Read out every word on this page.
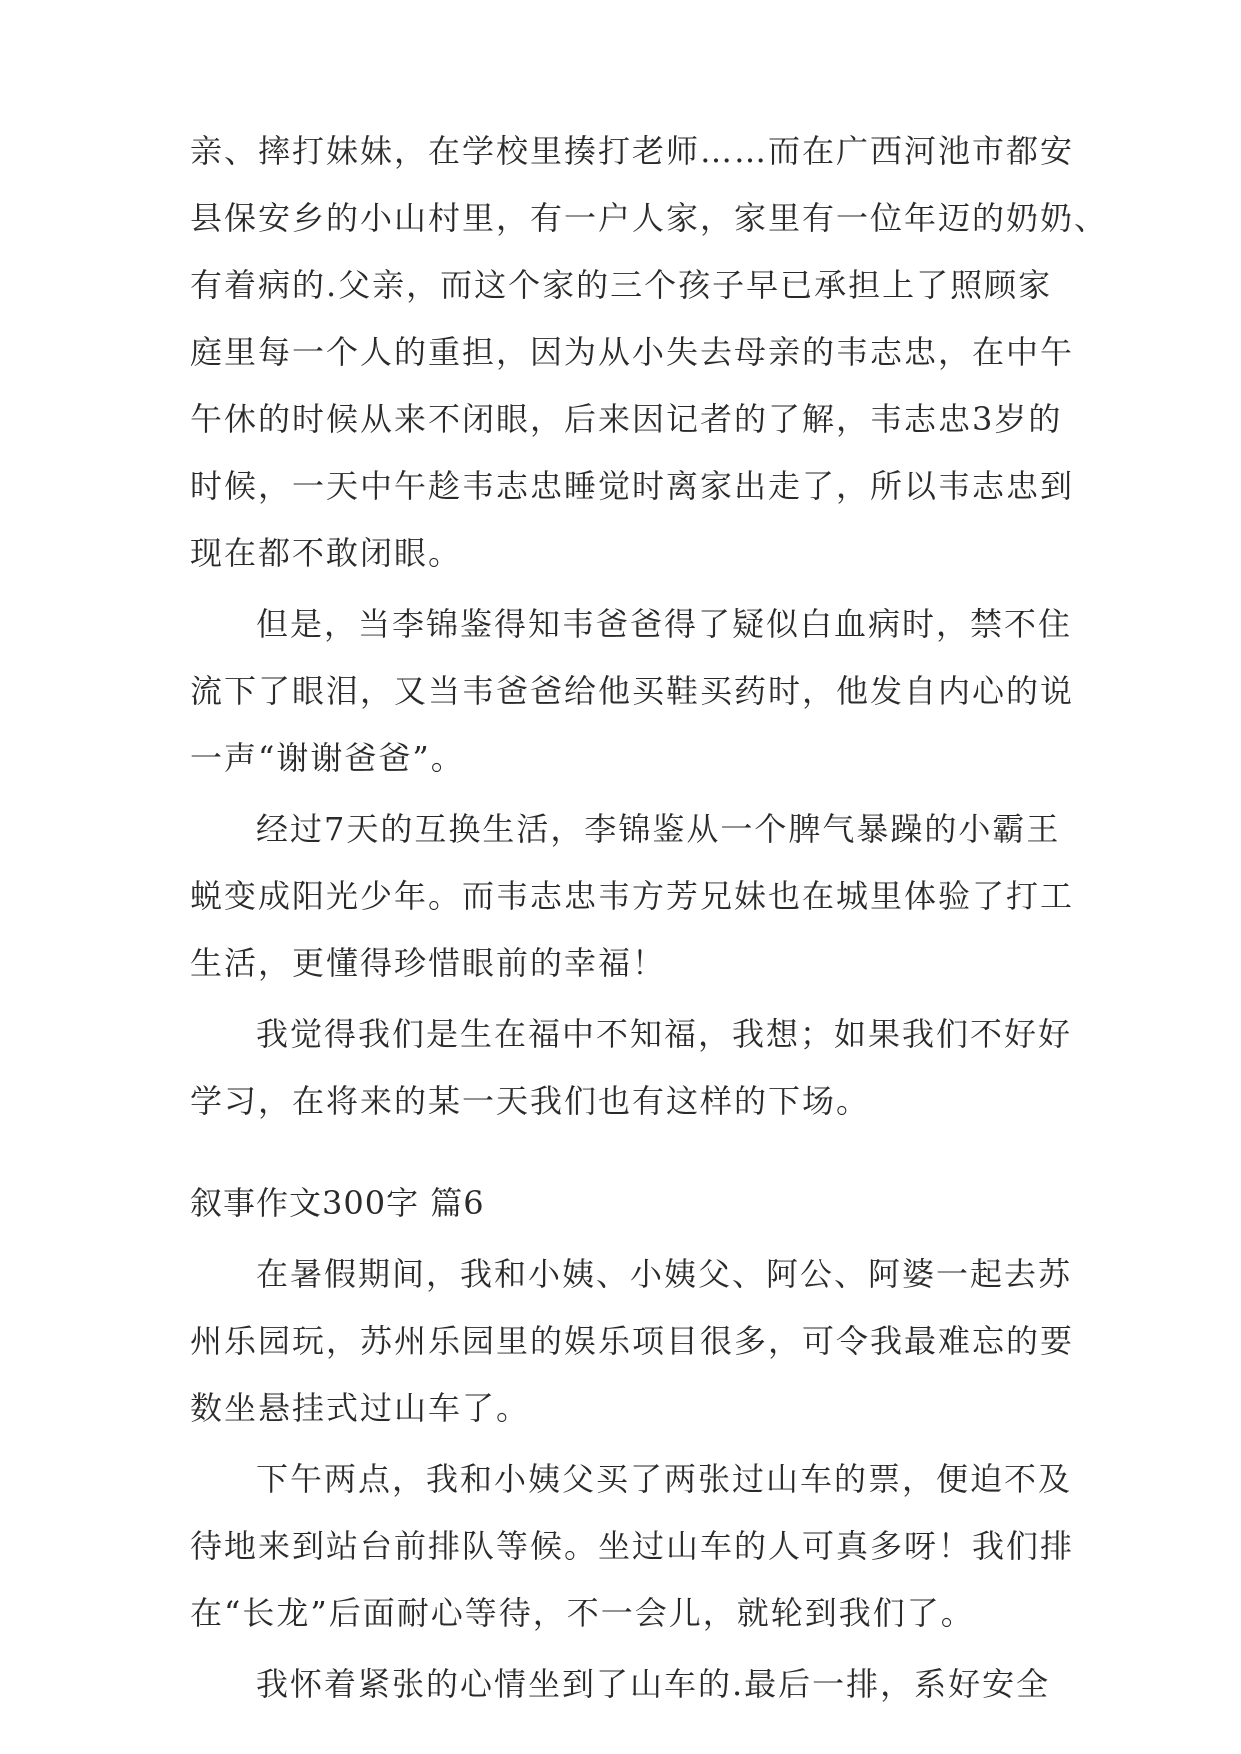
亲、摔打妹妹，在学校里揍打老师……而在广西河池市都安
县保安乡的小山村里，有一户人家，家里有一位年迈的奶奶、
有着病的.父亲，而这个家的三个孩子早已承担上了照顾家
庭里每一个人的重担，因为从小失去母亲的韦志忠，在中午
午休的时候从来不闭眼，后来因记者的了解，韦志忠3岁的
时候，一天中午趁韦志忠睡觉时离家出走了，所以韦志忠到
现在都不敢闭眼。
但是，当李锦鉴得知韦爸爸得了疑似白血病时，禁不住
流下了眼泪，又当韦爸爸给他买鞋买药时，他发自内心的说
一声“谢谢爸爸”。
经过7天的互换生活，李锦鉴从一个脾气暴躁的小霸王
蜕变成阳光少年。而韦志忠韦方芳兄妹也在城里体验了打工
生活，更懂得珍惜眼前的幸福！
我觉得我们是生在福中不知福，我想；如果我们不好好
学习，在将来的某一天我们也有这样的下场。
叙事作文300字 篇6
在暑假期间，我和小姨、小姨父、阿公、阿婆一起去苏
州乐园玩，苏州乐园里的娱乐项目很多，可令我最难忘的要
数坐悬挂式过山车了。
下午两点，我和小姨父买了两张过山车的票，便迫不及
待地来到站台前排队等候。坐过山车的人可真多呀！我们排
在“长龙”后面耐心等待，不一会儿，就轮到我们了。
我怀着紧张的心情坐到了山车的.最后一排，系好安全
